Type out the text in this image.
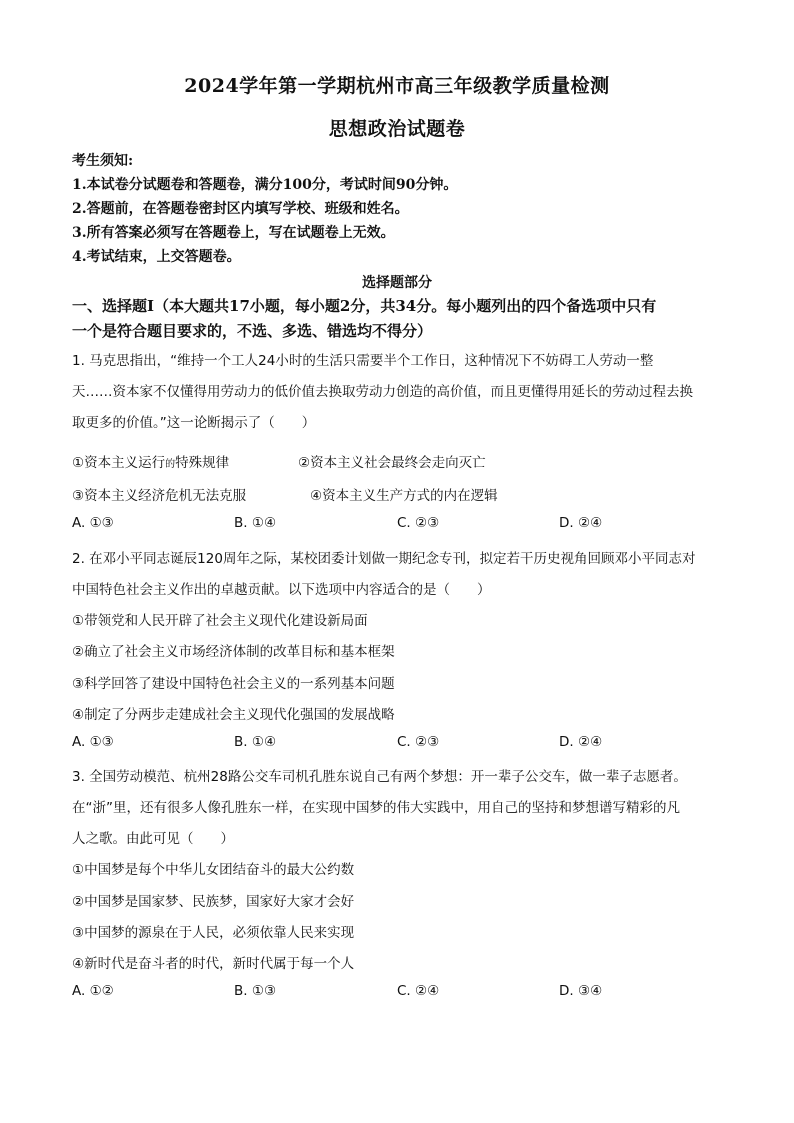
2024学年第一学期杭州市高三年级教学质量检测
思想政治试题卷
考生须知:
1.本试卷分试题卷和答题卷，满分100分，考试时间90分钟。
2.答题前，在答题卷密封区内填写学校、班级和姓名。
3.所有答案必须写在答题卷上，写在试题卷上无效。
4.考试结束，上交答题卷。
选择题部分
一、选择题Ⅰ（本大题共17小题，每小题2分，共34分。每小题列出的四个备选项中只有
一个是符合题目要求的，不选、多选、错选均不得分）
1. 马克思指出，“维持一个工人24小时的生活只需要半个工作日，这种情况下不妨碍工人劳动一整
天……资本家不仅懂得用劳动力的低价值去换取劳动力创造的高价值，而且更懂得用延长的劳动过程去换
取更多的价值。”这一论断揭示了（　　）
①资本主义运行的特殊规律	②资本主义社会最终会走向灭亡
③资本主义经济危机无法克服	④资本主义生产方式的内在逻辑
A. ①③	B. ①④	C. ②③	D. ②④
2. 在邓小平同志诞辰120周年之际，某校团委计划做一期纪念专刊，拟定若干历史视角回顾邓小平同志对
中国特色社会主义作出的卓越贡献。以下选项中内容适合的是（　　）
①带领党和人民开辟了社会主义现代化建设新局面
②确立了社会主义市场经济体制的改革目标和基本框架
③科学回答了建设中国特色社会主义的一系列基本问题
④制定了分两步走建成社会主义现代化强国的发展战略
A. ①③	B. ①④	C. ②③	D. ②④
3. 全国劳动模范、杭州28路公交车司机孔胜东说自己有两个梦想：开一辈子公交车，做一辈子志愿者。
在“浙”里，还有很多人像孔胜东一样，在实现中国梦的伟大实践中，用自己的坚持和梦想谱写精彩的凡
人之歌。由此可见（　　）
①中国梦是每个中华儿女团结奋斗的最大公约数
②中国梦是国家梦、民族梦，国家好大家才会好
③中国梦的源泉在于人民，必须依靠人民来实现
④新时代是奋斗者的时代，新时代属于每一个人
A. ①②	B. ①③	C. ②④	D. ③④
